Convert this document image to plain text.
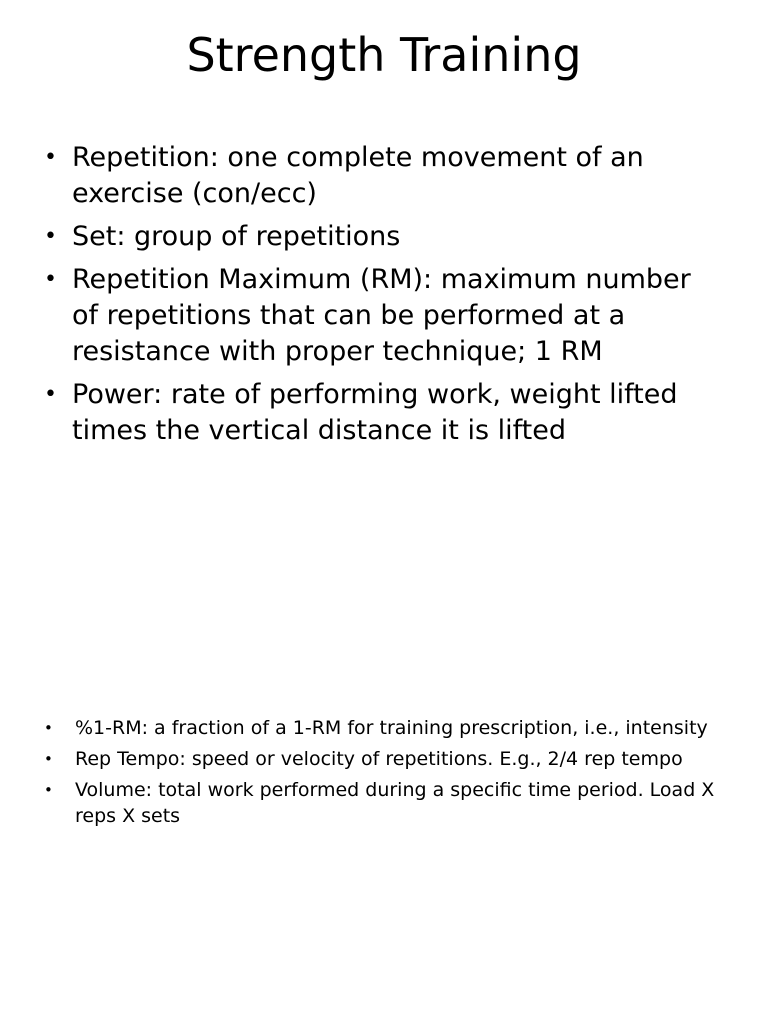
Strength Training
• Repetition: one complete movement of an exercise (con/ecc)
• Set: group of repetitions
• Repetition Maximum (RM): maximum number of repetitions that can be performed at a resistance with proper technique; 1 RM
• Power: rate of performing work, weight lifted times the vertical distance it is lifted
• %1-RM: a fraction of a 1-RM for training prescription, i.e., intensity
• Rep Tempo: speed or velocity of repetitions. E.g., 2/4 rep tempo
• Volume: total work performed during a specific time period. Load X reps X sets
